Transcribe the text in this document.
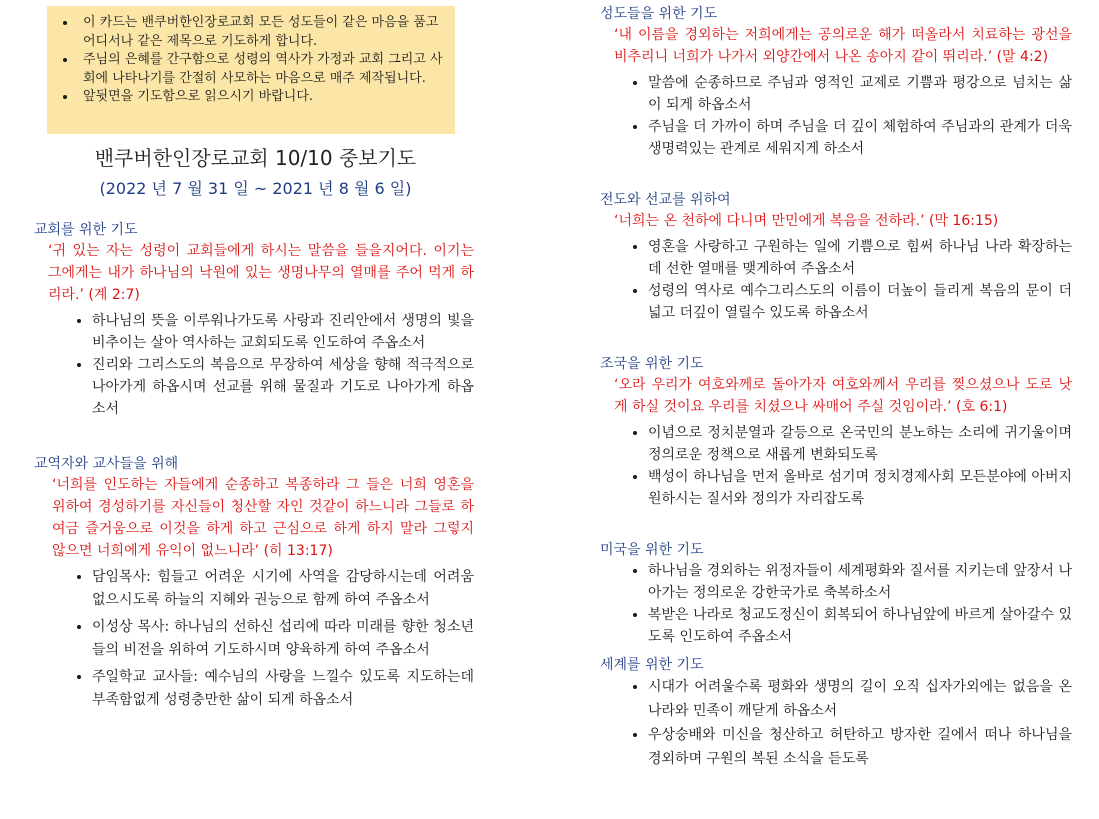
• 이 카드는 밴쿠버한인장로교회 모든 성도들이 같은 마음을 품고 어디서나 같은 제목으로 기도하게 합니다.
• 주님의 은혜를 간구함으로 성령의 역사가 가정과 교회 그리고 사회에 나타나기를 간절히 사모하는 마음으로 매주 제작됩니다.
• 앞뒷면을 기도함으로 읽으시기 바랍니다.
밴쿠버한인장로교회 10/10 중보기도
(2022 년 7 월 31 일 ~ 2021 년 8 월 6 일)

교회를 위한 기도

‘귀 있는 자는 성령이 교회들에게 하시는 말씀을 들을지어다. 이기는 그에게는 내가 하나님의 낙원에 있는 생명나무의 열매를 주어 먹게 하리라.’ (계 2:7)

• 하나님의 뜻을 이루워나가도록 사랑과 진리안에서 생명의 빛을 비추이는 살아 역사하는 교회되도록 인도하여 주옵소서
• 진리와 그리스도의 복음으로 무장하여 세상을 향해 적극적으로 나아가게 하옵시며 선교를 위해 물질과 기도로 나아가게 하옵소서

교역자와 교사들을 위해

‘너희를 인도하는 자들에게 순종하고 복종하라 그 들은 너희 영혼을 위하여 경성하기를 자신들이 청산할 자인 것같이 하느니라 그들로 하여금 즐거움으로 이것을 하게 하고 근심으로 하게 하지 말라 그렇지 않으면 너희에게 유익이 없느니라’ (히 13:17)

• 담임목사: 힘들고 어려운 시기에 사역을 감당하시는데 어려움 없으시도록 하늘의 지혜와 권능으로 함께 하여 주옵소서
• 이성상 목사: 하나님의 선하신 섭리에 따라 미래를 향한 청소년들의 비전을 위하여 기도하시며 양육하게 하여 주옵소서
• 주일학교 교사들: 예수님의 사랑을 느낄수 있도록 지도하는데 부족함없게 성령충만한 삶이 되게 하옵소서

성도들을 위한 기도

‘내 이름을 경외하는 저희에게는 공의로운 해가 떠올라서 치료하는 광선을 비추리니 너희가 나가서 외양간에서 나온 송아지 같이 뛰리라.’ (말 4:2)

• 말씀에 순종하므로 주님과 영적인 교제로 기쁨과 평강으로 넘치는 삶이 되게 하옵소서
• 주님을 더 가까이 하며 주님을 더 깊이 체험하여 주님과의 관계가 더욱 생명력있는 관계로 세워지게 하소서

전도와 선교를 위하여

‘너희는 온 천하에 다니며 만민에게 복음을 전하라.’ (막 16:15)

• 영혼을 사랑하고 구원하는 일에 기쁨으로 힘써 하나님 나라 확장하는데 선한 열매를 맺게하여 주옵소서
• 성령의 역사로 예수그리스도의 이름이 더높이 들리게 복음의 문이 더넓고 더깊이 열릴수 있도록 하옵소서

조국을 위한 기도

‘오라 우리가 여호와께로 돌아가자 여호와께서 우리를 찢으셨으나 도로 낫게 하실 것이요 우리를 치셨으나 싸매어 주실 것임이라.’ (호 6:1)

• 이념으로 정치분열과 갈등으로 온국민의 분노하는 소리에 귀기울이며 정의로운 정책으로 새롭게 변화되도록
• 백성이 하나님을 먼저 올바로 섬기며 정치경제사회 모든분야에 아버지 원하시는 질서와 정의가 자리잡도록

미국을 위한 기도

• 하나님을 경외하는 위정자들이 세계평화와 질서를 지키는데 앞장서 나아가는 정의로운 강한국가로 축복하소서
• 복받은 나라로 청교도정신이 회복되어 하나님앞에 바르게 살아갈수 있도록 인도하여 주옵소서

세계를 위한 기도

• 시대가 어려울수록 평화와 생명의 길이 오직 십자가외에는 없음을 온 나라와 민족이 깨닫게 하옵소서
• 우상숭배와 미신을 청산하고 허탄하고 방자한 길에서 떠나 하나님을 경외하며 구원의 복된 소식을 듣도록
